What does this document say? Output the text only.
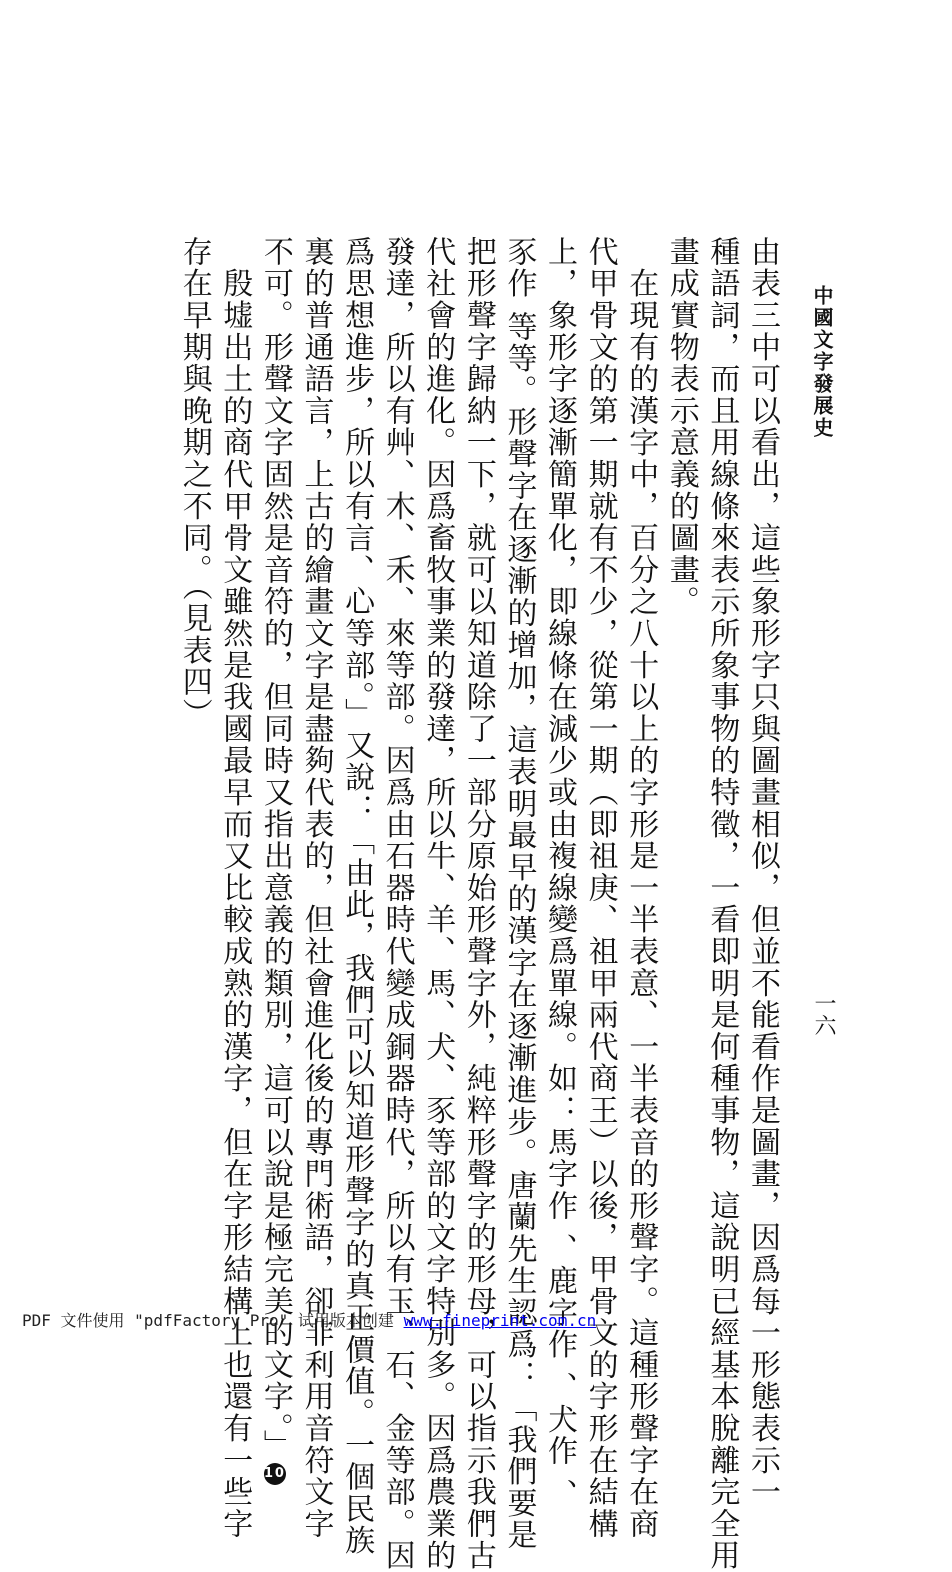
中國文字發展史
一六
由表三中可以看出，這些象形字只與圖畫相似，但並不能看作是圖畫，因爲每一形態表示一
種語詞，而且用線條來表示所象事物的特徵，一看即明是何種事物，這說明已經基本脫離完全用
畫成實物表示意義的圖畫。
　在現有的漢字中，百分之八十以上的字形是一半表意、一半表音的形聲字。這種形聲字在商
代甲骨文的第一期就有不少，從第一期（即祖庚、祖甲兩代商王）以後，甲骨文的字形在結構
上，象形字逐漸簡單化，即線條在減少或由複線變爲單線。如：馬字作 、鹿字作 、犬作 、
豕作 等等。形聲字在逐漸的增加，這表明最早的漢字在逐漸進步。唐蘭先生認爲：「我們要是
把形聲字歸納一下，就可以知道除了一部分原始形聲字外，純粹形聲字的形母，可以指示我們古
代社會的進化。因爲畜牧事業的發達，所以牛、羊、馬、犬、豕等部的文字特別多。因爲農業的
發達，所以有艸、木、禾、來等部。因爲由石器時代變成銅器時代，所以有玉、石、金等部。因
爲思想進步，所以有言、心等部。」又說：「由此，我們可以知道形聲字的真正價值。一個民族
裏的普通語言，上古的繪畫文字是盡夠代表的，但社會進化後的專門術語，卻非利用音符文字
不可。形聲文字固然是音符的，但同時又指出意義的類別，這可以說是極完美的文字。」10
　殷墟出土的商代甲骨文雖然是我國最早而又比較成熟的漢字，但在字形結構上也還有一些字
存在早期與晚期之不同。（見表四）
PDF 文件使用 "pdfFactory Pro" 试用版本创建 www.fineprint.com.cn
